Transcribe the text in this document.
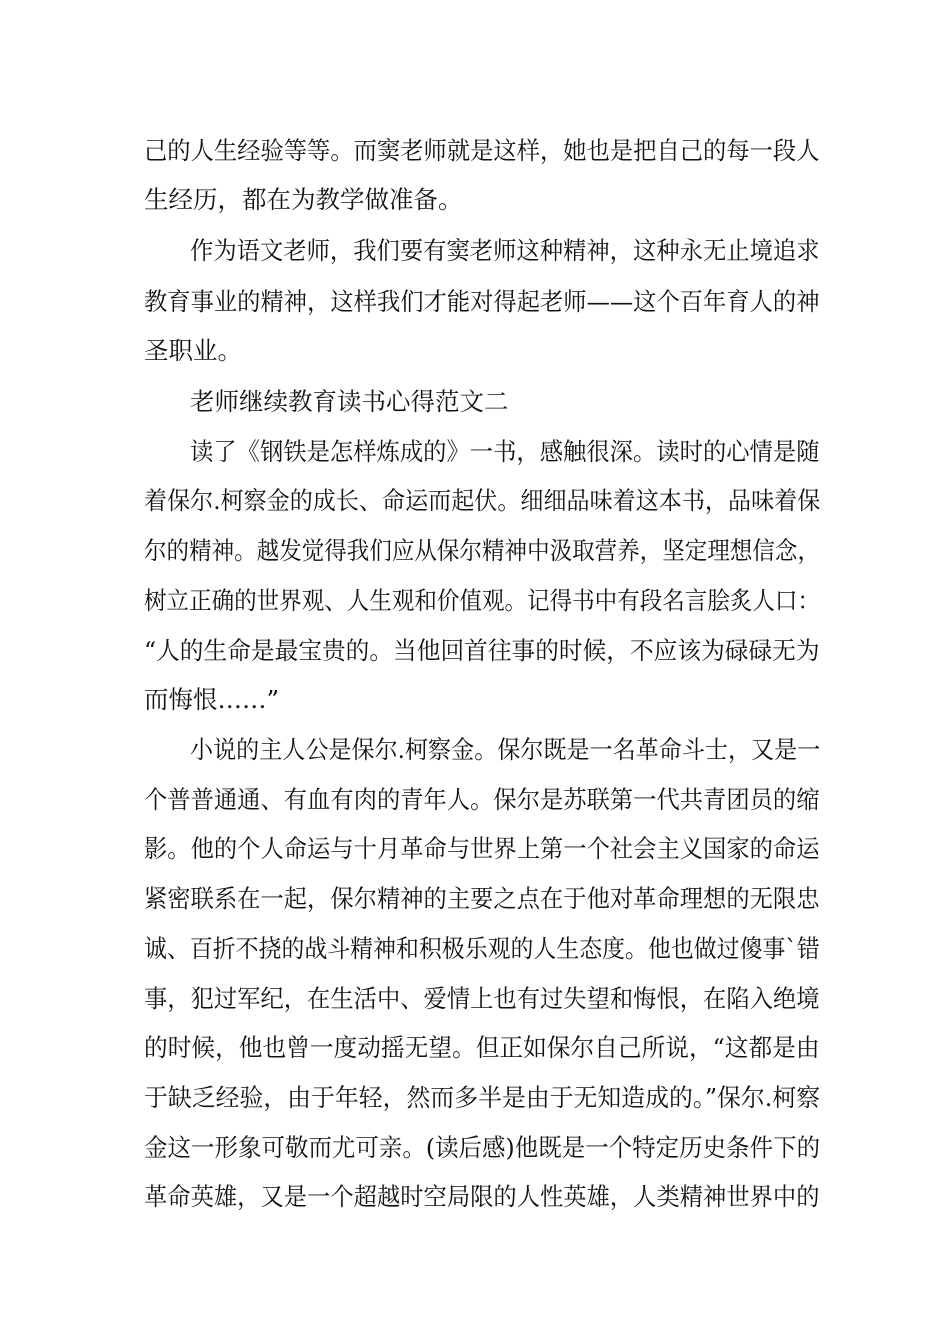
己的人生经验等等。而窦老师就是这样，她也是把自己的每一段人
生经历，都在为教学做准备。
作为语文老师，我们要有窦老师这种精神，这种永无止境追求
教育事业的精神，这样我们才能对得起老师——这个百年育人的神
圣职业。
老师继续教育读书心得范文二
读了《钢铁是怎样炼成的》一书，感触很深。读时的心情是随
着保尔.柯察金的成长、命运而起伏。细细品味着这本书，品味着保
尔的精神。越发觉得我们应从保尔精神中汲取营养，坚定理想信念，
树立正确的世界观、人生观和价值观。记得书中有段名言脍炙人口：
“人的生命是最宝贵的。当他回首往事的时候，不应该为碌碌无为
而悔恨……”
小说的主人公是保尔.柯察金。保尔既是一名革命斗士，又是一
个普普通通、有血有肉的青年人。保尔是苏联第一代共青团员的缩
影。他的个人命运与十月革命与世界上第一个社会主义国家的命运
紧密联系在一起，保尔精神的主要之点在于他对革命理想的无限忠
诚、百折不挠的战斗精神和积极乐观的人生态度。他也做过傻事`错
事，犯过军纪，在生活中、爱情上也有过失望和悔恨，在陷入绝境
的时候，他也曾一度动摇无望。但正如保尔自己所说，“这都是由
于缺乏经验，由于年轻，然而多半是由于无知造成的。”保尔.柯察
金这一形象可敬而尤可亲。(读后感)他既是一个特定历史条件下的
革命英雄，又是一个超越时空局限的人性英雄，人类精神世界中的
